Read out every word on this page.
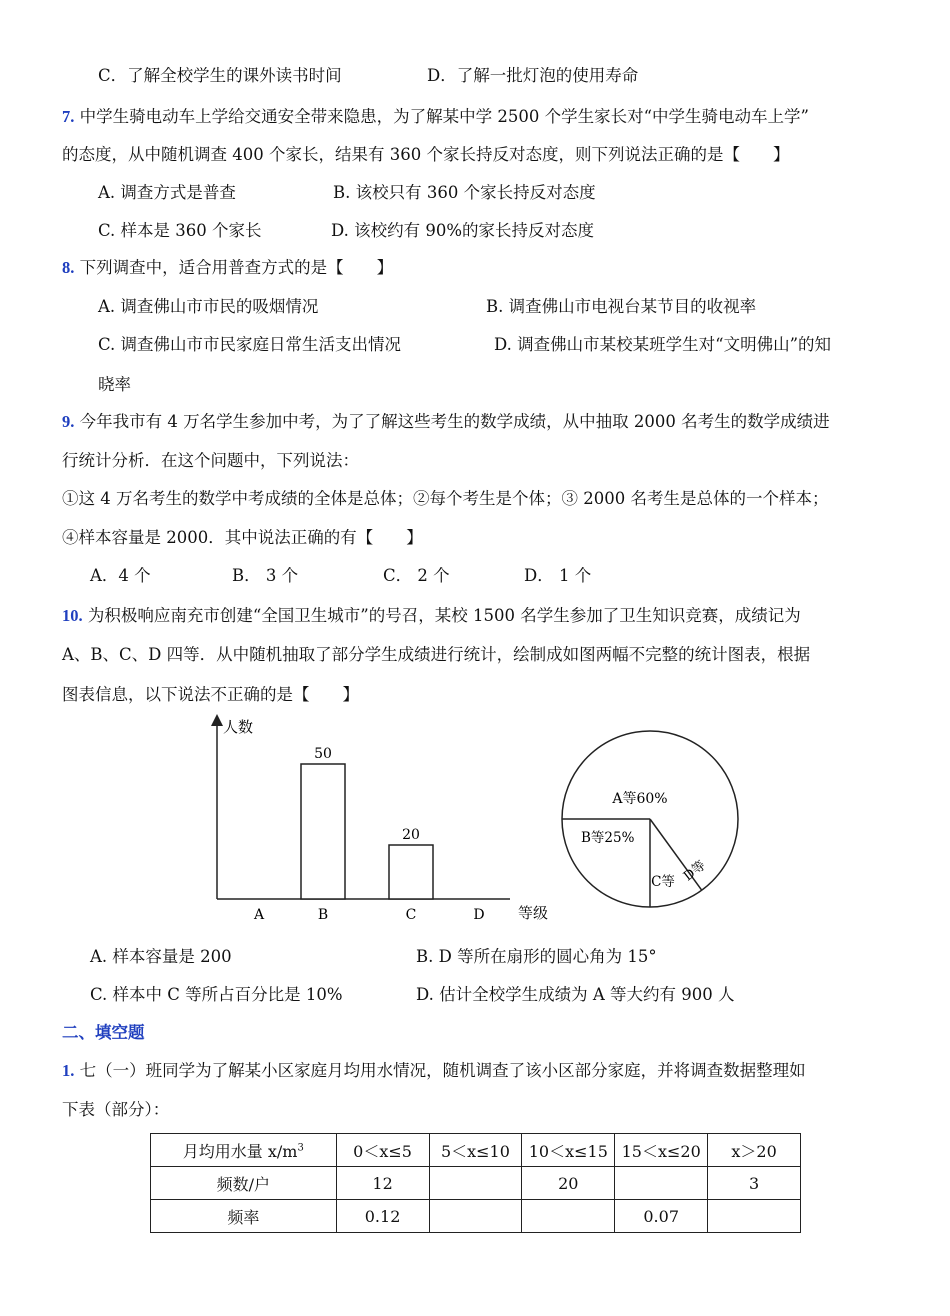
C．了解全校学生的课外读书时间	D．了解一批灯泡的使用寿命
7. 中学生骑电动车上学给交通安全带来隐患，为了解某中学 2500 个学生家长对“中学生骑电动车上学”
的态度，从中随机调查 400 个家长，结果有 360 个家长持反对态度，则下列说法正确的是【　　】
A. 调查方式是普查	B. 该校只有 360 个家长持反对态度
C. 样本是 360 个家长	D. 该校约有 90%的家长持反对态度
8. 下列调查中，适合用普查方式的是【　　】
A. 调查佛山市市民的吸烟情况	B. 调查佛山市电视台某节目的收视率
C. 调查佛山市市民家庭日常生活支出情况	D. 调查佛山市某校某班学生对“文明佛山”的知
晓率
9. 今年我市有 4 万名学生参加中考，为了了解这些考生的数学成绩，从中抽取 2000 名考生的数学成绩进
行统计分析．在这个问题中，下列说法：
①这 4 万名考生的数学中考成绩的全体是总体；②每个考生是个体；③ 2000 名考生是总体的一个样本；
④样本容量是 2000．其中说法正确的有【　　】
A．4 个	B． 3 个	C． 2 个	D． 1 个
10. 为积极响应南充市创建“全国卫生城市”的号召，某校 1500 名学生参加了卫生知识竞赛，成绩记为
A、B、C、D 四等．从中随机抽取了部分学生成绩进行统计，绘制成如图两幅不完整的统计图表，根据
图表信息，以下说法不正确的是【　　】
人数
等级
A	B
50
C
20
D
A等60%
B等25%
C等 D等
A. 样本容量是 200	B. D 等所在扇形的圆心角为 15°
C. 样本中 C 等所占百分比是 10%	D. 估计全校学生成绩为 A 等大约有 900 人
二、填空题
1. 七（一）班同学为了解某小区家庭月均用水情况，随机调查了该小区部分家庭，并将调查数据整理如
下表（部分）：
月均用水量 $x/m^3$	0＜x≤5	5＜x≤10	10＜x≤15	15＜x≤20	x＞20
频数/户	12		20		3
频率	0.12			0.07	
